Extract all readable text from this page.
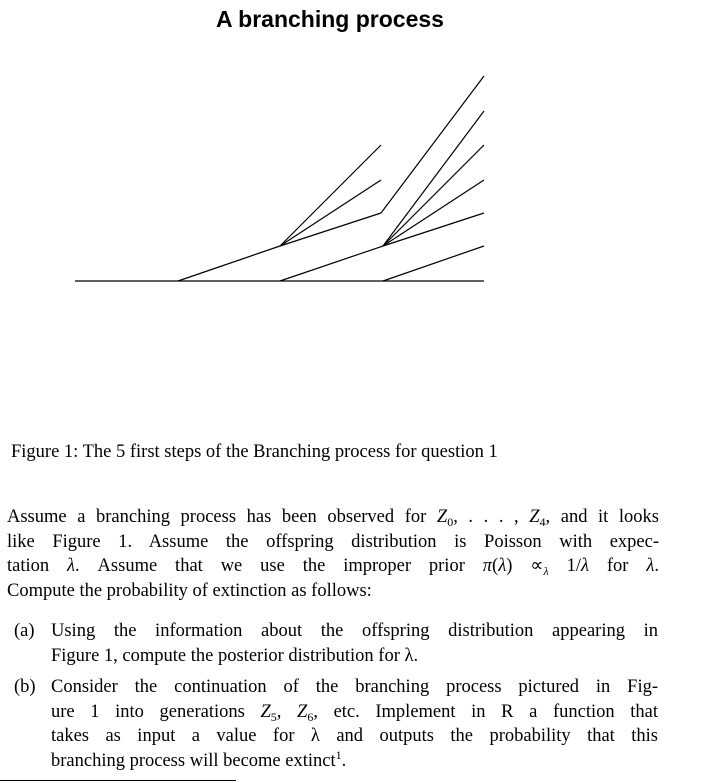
A branching process
Figure 1: The 5 first steps of the Branching process for question 1
Assume a branching process has been observed for $Z_0$, . . . , $Z_4$, and it looks
like Figure 1. Assume the offspring distribution is Poisson with expec-
tation λ. Assume that we use the improper prior $\pi(\lambda) \propto_\lambda$ 1/λ for λ.
Compute the probability of extinction as follows:
(a) Using the information about the offspring distribution appearing in
Figure 1, compute the posterior distribution for λ.
(b) Consider the continuation of the branching process pictured in Fig-
ure 1 into generations $Z_5$, $Z_6$, etc. Implement in R a function that
takes as input a value for λ and outputs the probability that this
branching process will become extinct$^1$.
